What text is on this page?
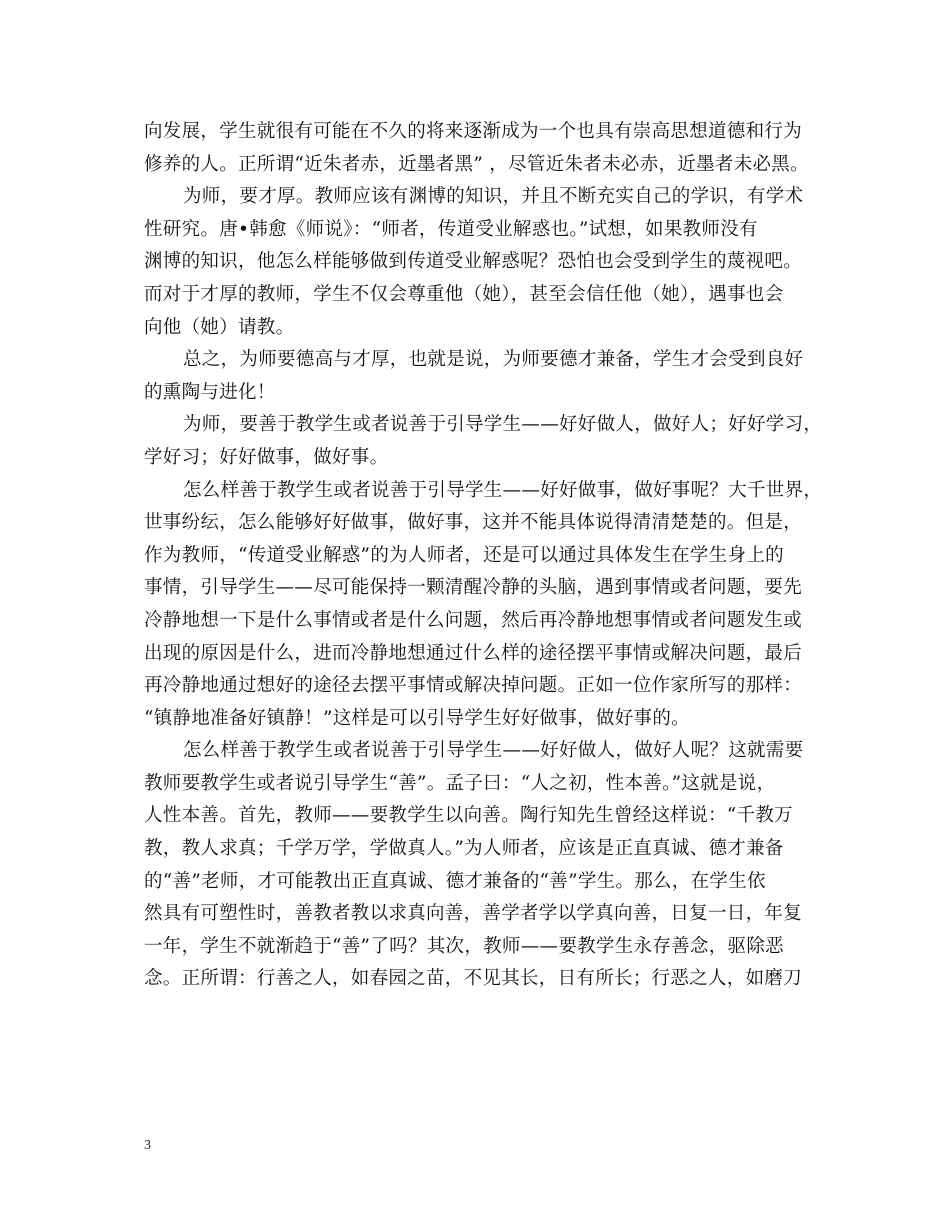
向发展，学生就很有可能在不久的将来逐渐成为一个也具有崇高思想道德和行为
修养的人。正所谓“近朱者赤，近墨者黑” ，尽管近朱者未必赤，近墨者未必黑。
为师，要才厚。教师应该有渊博的知识，并且不断充实自己的学识，有学术
性研究。唐•韩愈《师说》：“师者，传道受业解惑也。”试想，如果教师没有
渊博的知识，他怎么样能够做到传道受业解惑呢？恐怕也会受到学生的蔑视吧。
而对于才厚的教师，学生不仅会尊重他（她），甚至会信任他（她），遇事也会
向他（她）请教。
总之，为师要德高与才厚，也就是说，为师要德才兼备，学生才会受到良好
的熏陶与进化！
为师，要善于教学生或者说善于引导学生——好好做人，做好人；好好学习，
学好习；好好做事，做好事。
怎么样善于教学生或者说善于引导学生——好好做事，做好事呢？大千世界，
世事纷纭，怎么能够好好做事，做好事，这并不能具体说得清清楚楚的。但是，
作为教师，“传道受业解惑”的为人师者，还是可以通过具体发生在学生身上的
事情，引导学生——尽可能保持一颗清醒冷静的头脑，遇到事情或者问题，要先
冷静地想一下是什么事情或者是什么问题，然后再冷静地想事情或者问题发生或
出现的原因是什么，进而冷静地想通过什么样的途径摆平事情或解决问题，最后
再冷静地通过想好的途径去摆平事情或解决掉问题。正如一位作家所写的那样：
“镇静地准备好镇静！”这样是可以引导学生好好做事，做好事的。
怎么样善于教学生或者说善于引导学生——好好做人，做好人呢？这就需要
教师要教学生或者说引导学生“善”。孟子曰：“人之初，性本善。”这就是说，
人性本善。首先，教师——要教学生以向善。陶行知先生曾经这样说：“千教万
教，教人求真；千学万学，学做真人。”为人师者，应该是正直真诚、德才兼备
的“善”老师，才可能教出正直真诚、德才兼备的“善”学生。那么，在学生依
然具有可塑性时，善教者教以求真向善，善学者学以学真向善，日复一日，年复
一年，学生不就渐趋于“善”了吗？其次，教师——要教学生永存善念，驱除恶
念。正所谓：行善之人，如春园之苗，不见其长，日有所长；行恶之人，如磨刀
3
